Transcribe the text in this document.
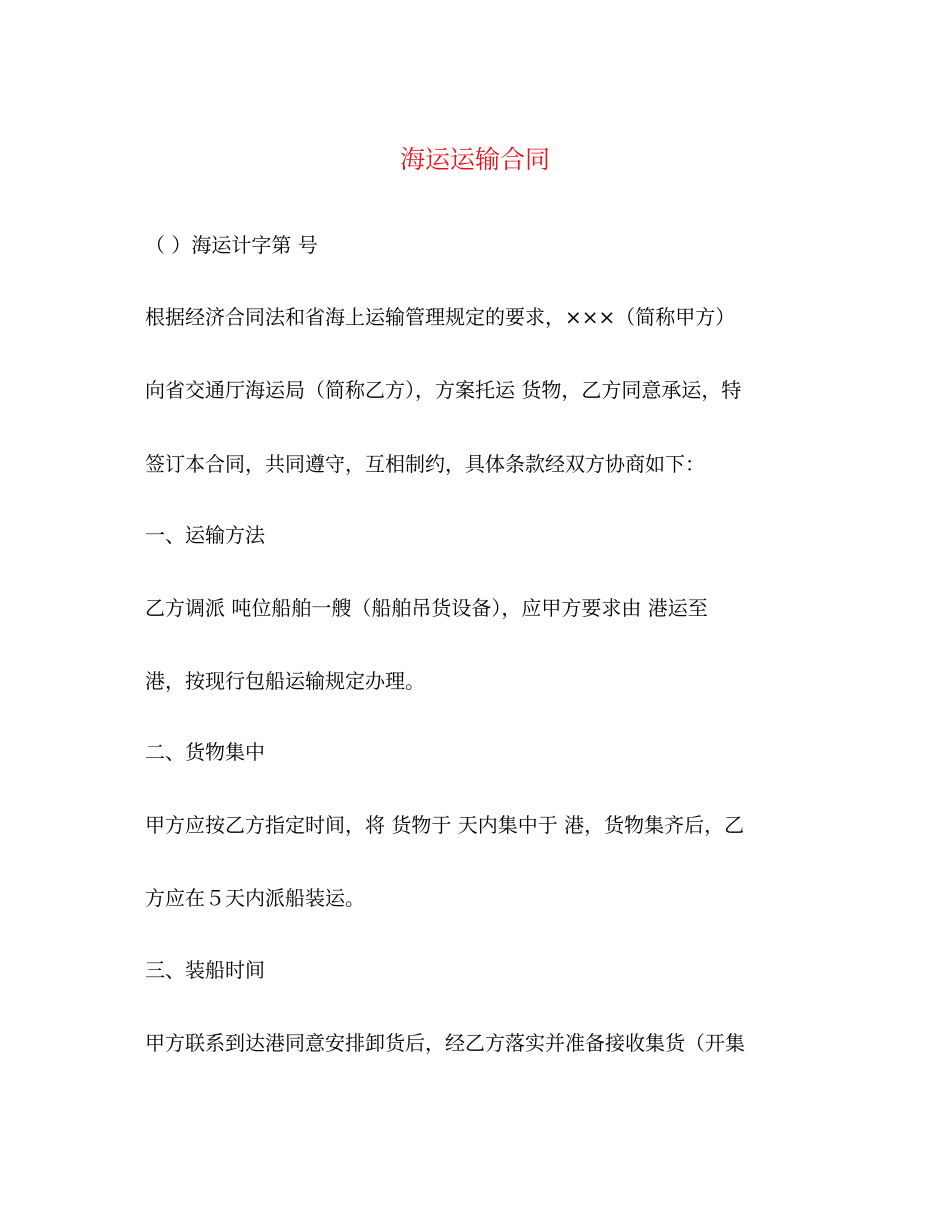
海运运输合同
（ ）海运计字第 号
根据经济合同法和省海上运输管理规定的要求，×××（简称甲方）
向省交通厅海运局（简称乙方），方案托运 货物，乙方同意承运，特
签订本合同，共同遵守，互相制约，具体条款经双方协商如下：
一、运输方法
乙方调派 吨位船舶一艘（船舶吊货设备），应甲方要求由 港运至
港，按现行包船运输规定办理。
二、货物集中
甲方应按乙方指定时间，将 货物于 天内集中于 港，货物集齐后，乙
方应在５天内派船装运。
三、装船时间
甲方联系到达港同意安排卸货后，经乙方落实并准备接收集货（开集
